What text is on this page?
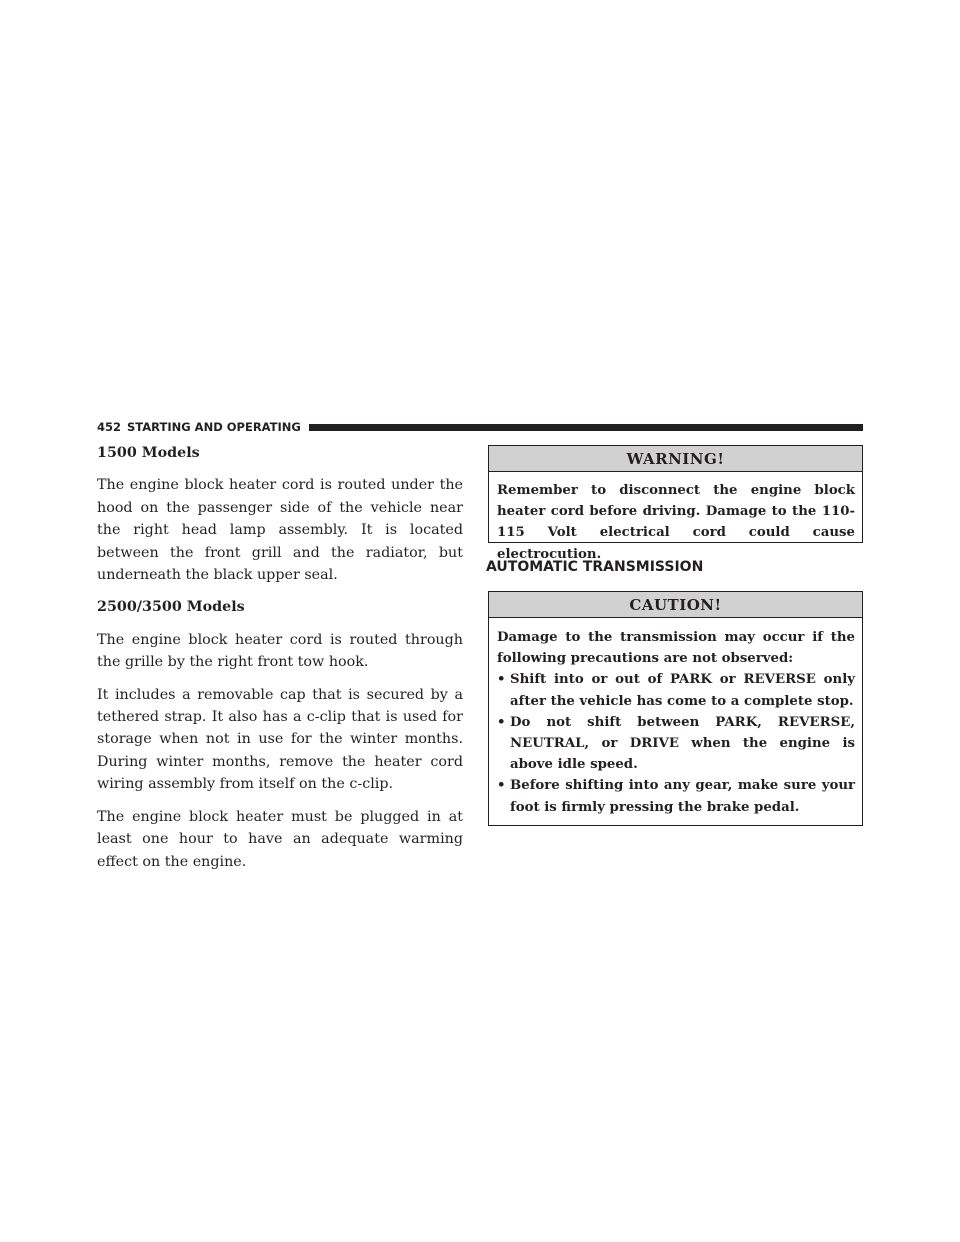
452 STARTING AND OPERATING
1500 Models

The engine block heater cord is routed under the hood on the passenger side of the vehicle near the right head lamp assembly. It is located between the front grill and the radiator, but underneath the black upper seal.

2500/3500 Models

The engine block heater cord is routed through the grille by the right front tow hook.

It includes a removable cap that is secured by a tethered strap. It also has a c-clip that is used for storage when not in use for the winter months. During winter months, remove the heater cord wiring assembly from itself on the c-clip.

The engine block heater must be plugged in at least one hour to have an adequate warming effect on the engine.

WARNING!
Remember to disconnect the engine block heater cord before driving. Damage to the 110-115 Volt electrical cord could cause electrocution.
AUTOMATIC TRANSMISSION
CAUTION!
Damage to the transmission may occur if the following precautions are not observed:
• Shift into or out of PARK or REVERSE only after the vehicle has come to a complete stop.
• Do not shift between PARK, REVERSE, NEUTRAL, or DRIVE when the engine is above idle speed.
• Before shifting into any gear, make sure your foot is firmly pressing the brake pedal.
